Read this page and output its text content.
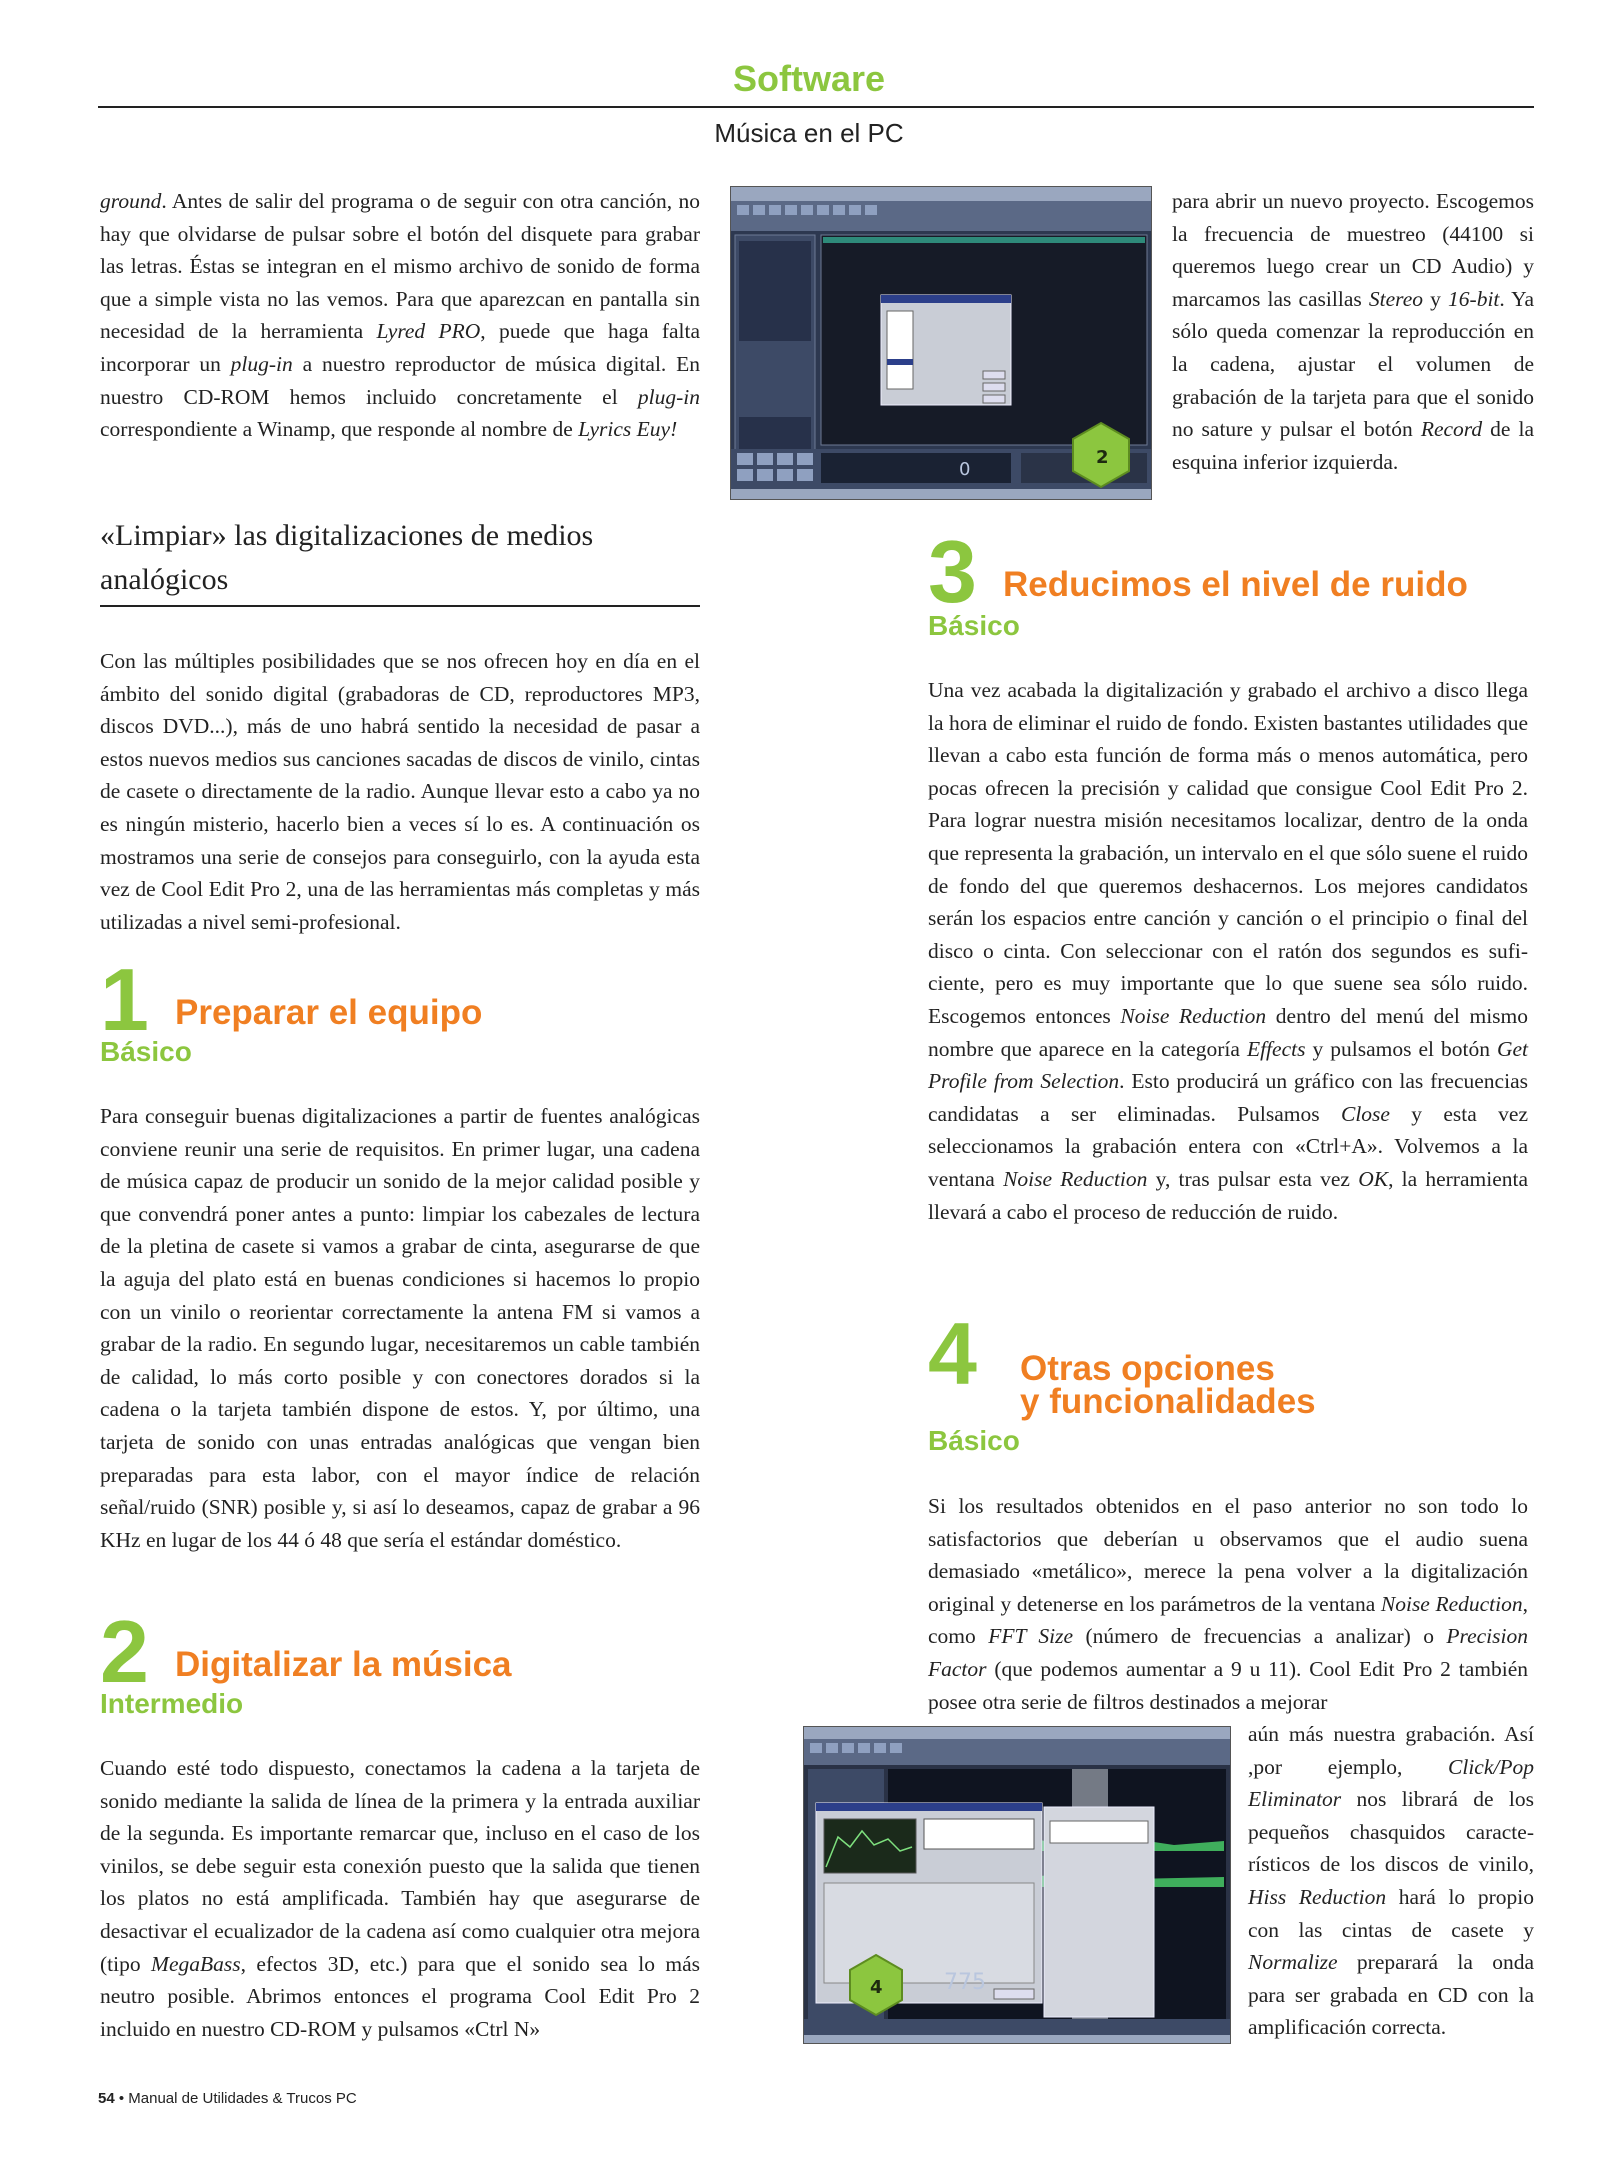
Software
Música en el PC

ground. Antes de salir del programa o de seguir con otra canción, no hay que olvidarse de pulsar sobre el botón del disquete para grabar las letras. Éstas se integran en el mismo archivo de sonido de forma que a simple vista no las vemos. Para que aparezcan en pantalla sin necesidad de la herramienta Lyred PRO, puede que haga falta incorporar un plug-in a nuestro reproductor de música digital. En nuestro CD-ROM hemos incluido concretamente el plug-in correspondiente a Winamp, que responde al nombre de Lyrics Euy!

«Limpiar» las digitalizaciones de medios analógicos

Con las múltiples posibilidades que se nos ofrecen hoy en día en el ámbito del sonido digital (grabadoras de CD, reproductores MP3, discos DVD...), más de uno habrá sentido la necesidad de pasar a estos nuevos medios sus canciones sacadas de discos de vinilo, cintas de casete o directamente de la radio. Aunque llevar esto a cabo ya no es ningún misterio, hacerlo bien a veces sí lo es. A continuación os mostramos una serie de consejos para conseguirlo, con la ayuda esta vez de Cool Edit Pro 2, una de las herramientas más completas y más utilizadas a nivel semi-profesional.

1 Preparar el equipo
Básico

Para conseguir buenas digitalizaciones a partir de fuentes analógicas conviene reunir una serie de requisitos. En primer lugar, una cadena de música capaz de producir un sonido de la mejor calidad posible y que convendrá poner antes a punto: limpiar los cabezales de lectura de la pletina de casete si vamos a grabar de cinta, asegurarse de que la aguja del plato está en buenas condiciones si hacemos lo propio con un vinilo o reorientar correctamente la antena FM si vamos a grabar de la radio. En segundo lugar, necesitaremos un cable también de calidad, lo más corto posible y con conectores dorados si la cadena o la tarjeta también dispone de estos. Y, por último, una tarjeta de sonido con unas entradas analógicas que vengan bien preparadas para esta labor, con el mayor índice de relación señal/ruido (SNR) posible y, si así lo deseamos, capaz de grabar a 96 KHz en lugar de los 44 ó 48 que sería el estándar doméstico.

2 Digitalizar la música
Intermedio

Cuando esté todo dispuesto, conectamos la cadena a la tarjeta de sonido mediante la salida de línea de la primera y la entrada auxiliar de la segunda. Es importante remarcar que, incluso en el caso de los vinilos, se debe seguir esta conexión puesto que la salida que tienen los platos no está amplificada. También hay que asegurarse de desactivar el ecualizador de la cadena así como cualquier otra mejora (tipo MegaBass, efectos 3D, etc.) para que el sonido sea lo más neutro posible. Abrimos entonces el programa Cool Edit Pro 2 incluido en nuestro CD-ROM y pulsamos «Ctrl N»

0
2

para abrir un nuevo proyecto. Escogemos la frecuencia de muestreo (44100 si queremos luego crear un CD Audio) y marcamos las casillas Stereo y 16-bit. Ya sólo queda comenzar la reproducción en la cadena, ajustar el volumen de grabación de la tarjeta para que el sonido no sature y pulsar el botón Record de la esquina inferior izquierda.

3 Reducimos el nivel de ruido
Básico

Una vez acabada la digitalización y grabado el archivo a disco llega la hora de eliminar el ruido de fondo. Existen bastantes utilidades que llevan a cabo esta función de forma más o menos automática, pero pocas ofrecen la precisión y calidad que consigue Cool Edit Pro 2. Para lograr nuestra misión necesitamos localizar, dentro de la onda que representa la grabación, un intervalo en el que sólo suene el ruido de fondo del que queremos deshacernos. Los mejores candidatos serán los espacios entre canción y canción o el principio o final del disco o cinta. Con seleccionar con el ratón dos segundos es suficiente, pero es muy importante que lo que suene sea sólo ruido. Escogemos entonces Noise Reduction dentro del menú del mismo nombre que aparece en la categoría Effects y pulsamos el botón Get Profile from Selection. Esto producirá un gráfico con las frecuencias candidatas a ser eliminadas. Pulsamos Close y esta vez seleccionamos la grabación entera con «Ctrl+A». Volvemos a la ventana Noise Reduction y, tras pulsar esta vez OK, la herramienta llevará a cabo el proceso de reducción de ruido.

4 Otras opciones
y funcionalidades
Básico

Si los resultados obtenidos en el paso anterior no son todo lo satisfactorios que deberían u observamos que el audio suena demasiado «metálico», merece la pena volver a la digitalización original y detenerse en los parámetros de la ventana Noise Reduction, como FFT Size (número de frecuencias a analizar) o Precision Factor (que podemos aumentar a 9 u 11). Cool Edit Pro 2 también posee otra serie de filtros destinados a mejorar

aún más nuestra grabación. Así ,por ejemplo, Click/Pop Eliminator nos librará de los pequeños chasquidos característicos de los discos de vinilo, Hiss Reduction hará lo propio con las cintas de casete y Normalize preparará la onda para ser grabada en CD con la amplificación correcta.

775
4
54 • Manual de Utilidades & Trucos PC
